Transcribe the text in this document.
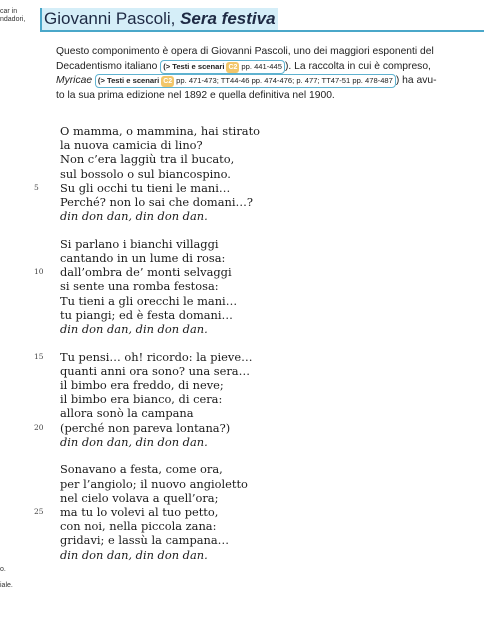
car in
ndadori, Giovanni Pascoli, Sera festiva
Questo componimento è opera di Giovanni Pascoli, uno dei maggiori esponenti del
Decadentismo italiano (> Testi e scenari C2 pp. 441-445 ). La raccolta in cui è compreso,
Myricae (> Testi e scenari C2 pp. 471-473; TT44-46 pp. 474-476; p. 477; TT47-51 pp. 478-487 ) ha avu-
to la sua prima edizione nel 1892 e quella definitiva nel 1900.
O mamma, o mammina, hai stirato
la nuova camicia di lino?
Non c’era laggiù tra il bucato,
sul bossolo o sul biancospino.
5 Su gli occhi tu tieni le mani…
Perché? non lo sai che domani…?
din don dan, din don dan.
Si parlano i bianchi villaggi
cantando in un lume di rosa:
10 dall’ombra de’ monti selvaggi
si sente una romba festosa:
Tu tieni a gli orecchi le mani…
tu piangi; ed è festa domani…
din don dan, din don dan.
15 Tu pensi… oh! ricordo: la pieve…
quanti anni ora sono? una sera…
il bimbo era freddo, di neve;
il bimbo era bianco, di cera:
allora sonò la campana
20 (perché non pareva lontana?)
din don dan, din don dan.
Sonavano a festa, come ora,
per l’angiolo; il nuovo angioletto
nel cielo volava a quell’ora;
25 ma tu lo volevi al tuo petto,
con noi, nella piccola zana:
gridavi; e lassù la campana…
din don dan, din don dan.
o.
iale.
